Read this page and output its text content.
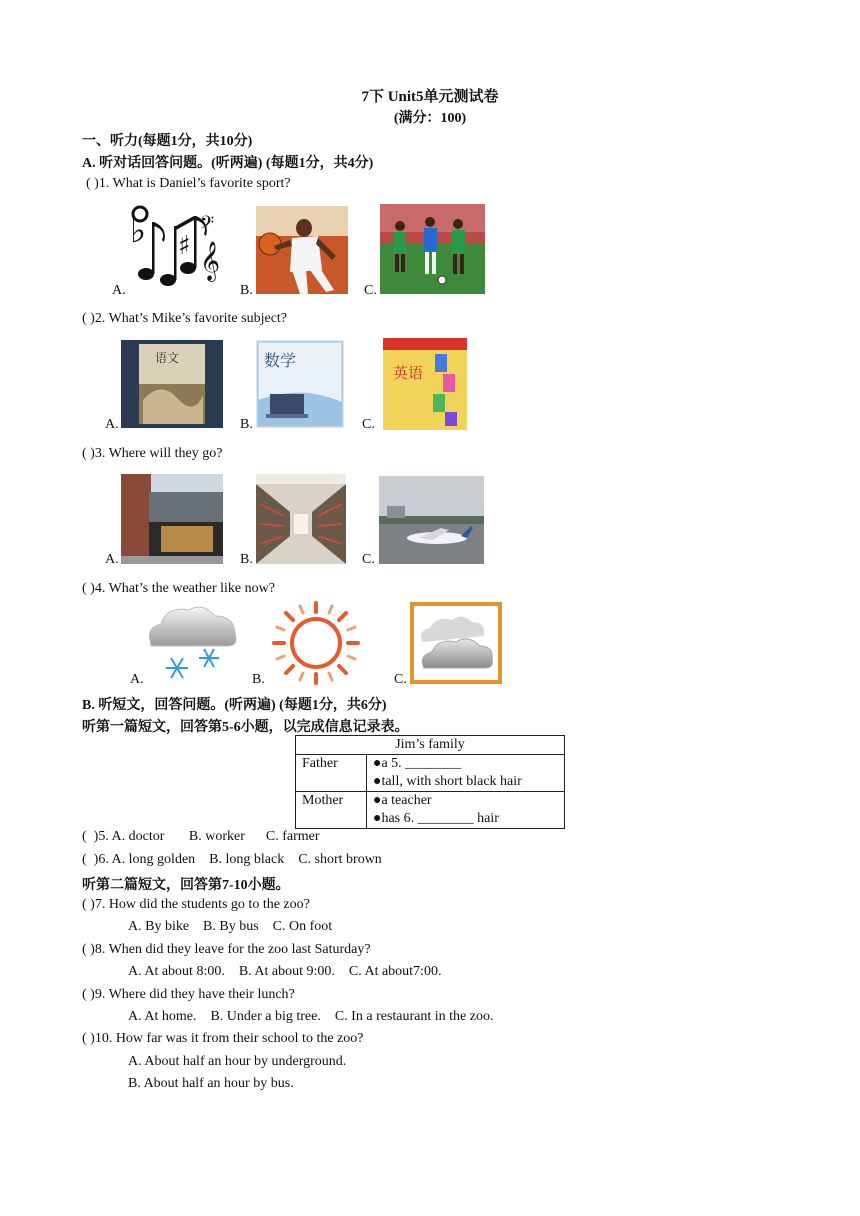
7下 Unit5单元测试卷
(满分：100)
一、听力(每题1分，共10分)
A. 听对话回答问题。(听两遍) (每题1分，共4分)
( )1. What is Daniel’s favorite sport?
A.
♭ ♯ 𝄞
𝄢
B.	C.
( )2. What’s Mike’s favorite subject?
A.
语文
B.
数学
C.
英语
( )3. Where will they go?
A.	B.	C.
( )4. What’s the weather like now?
A.	B.	C.
B. 听短文，回答问题。(听两遍) (每题1分，共6分)
听第一篇短文，回答第5-6小题，以完成信息记录表。
Jim’s family	
Father	●a 5. ________
●tall, with short black hair

Mother	●a teacher
●has 6. ________ hair
(  )5. A. doctor       B. worker      C. farmer
(  )6. A. long golden    B. long black    C. short brown
听第二篇短文，回答第7-10小题。
( )7. How did the students go to the zoo?
A. By bike    B. By bus    C. On foot
( )8. When did they leave for the zoo last Saturday?
A. At about 8:00.    B. At about 9:00.    C. At about7:00.
( )9. Where did they have their lunch?
A. At home.    B. Under a big tree.    C. In a restaurant in the zoo.
( )10. How far was it from their school to the zoo?
A. About half an hour by underground.
B. About half an hour by bus.
